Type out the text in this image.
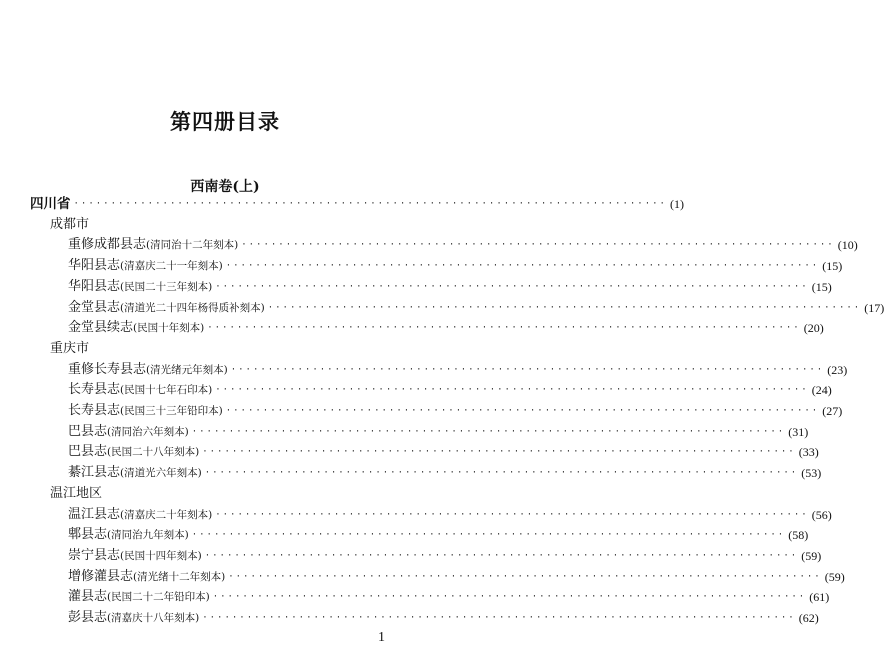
第四册目录
西南卷(上)
四川省 ················································································ (1)
成都市
重修成都县志(清同治十二年刻本) ················································································ (10)
华阳县志(清嘉庆二十一年刻本) ················································································ (15)
华阳县志(民国二十三年刻本) ················································································ (15)
金堂县志(清道光二十四年杨得质补刻本) ················································································ (17)
金堂县续志(民国十年刻本) ················································································ (20)
重庆市
重修长寿县志(清光绪元年刻本) ················································································ (23)
长寿县志(民国十七年石印本) ················································································ (24)
长寿县志(民国三十三年铅印本) ················································································ (27)
巴县志(清同治六年刻本) ················································································ (31)
巴县志(民国二十八年刻本) ················································································ (33)
綦江县志(清道光六年刻本) ················································································ (53)
温江地区
温江县志(清嘉庆二十年刻本) ················································································ (56)
郫县志(清同治九年刻本) ················································································ (58)
崇宁县志(民国十四年刻本) ················································································ (59)
增修灌县志(清光绪十二年刻本) ················································································ (59)
灌县志(民国二十二年铅印本) ················································································ (61)
彭县志(清嘉庆十八年刻本) ················································································ (62)
1
